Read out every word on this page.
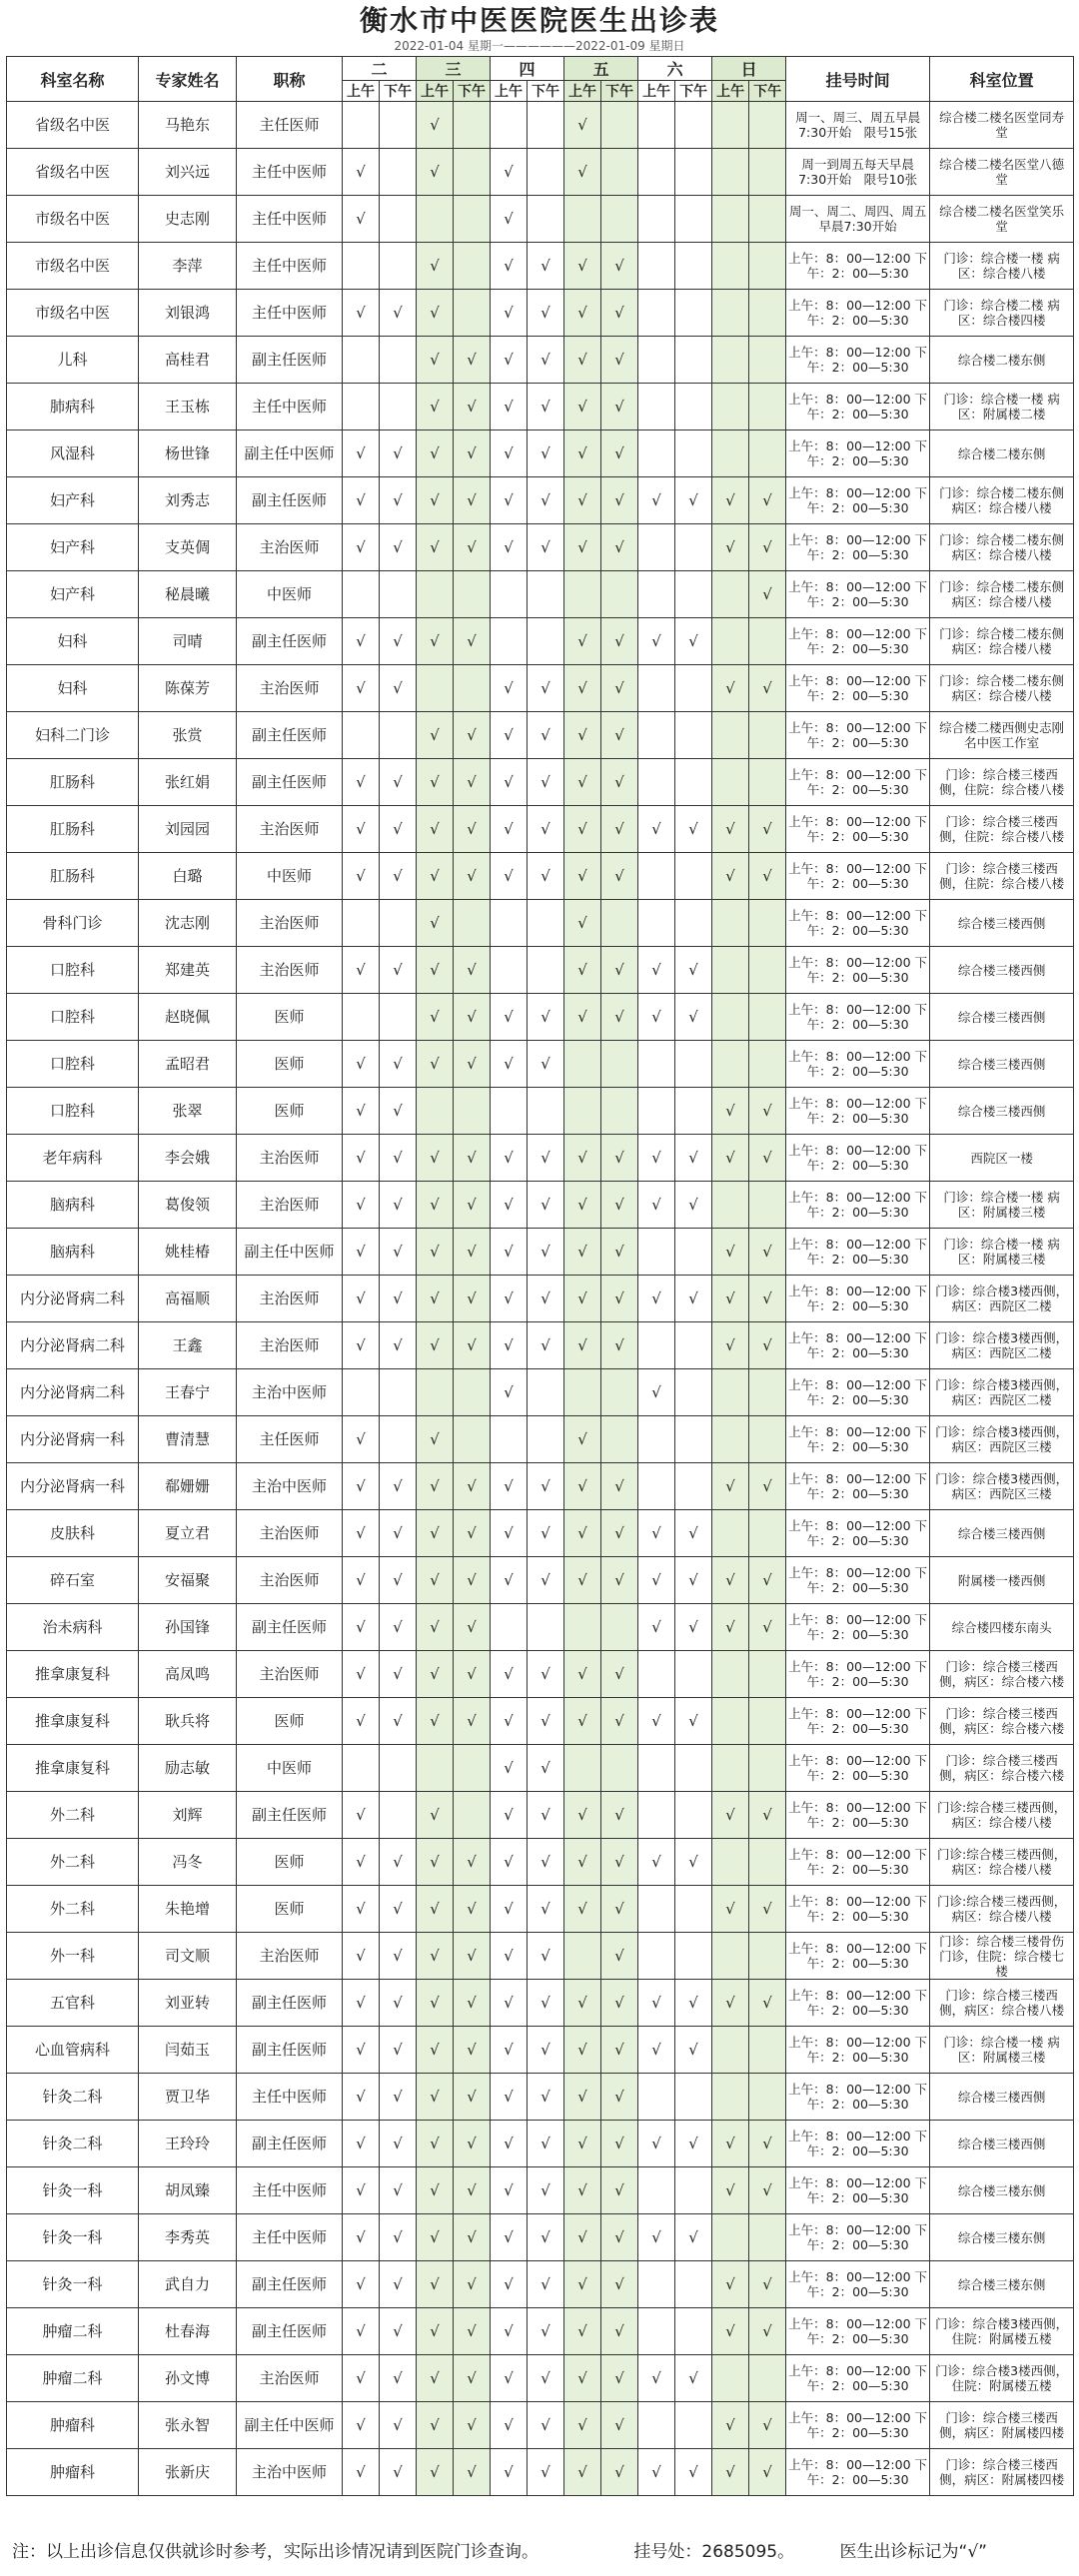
衡水市中医医院医生出诊表
2022-01-04 星期一——————2022-01-09 星期日
科室名称	专家姓名	职称	二		三		四		五		六		日		挂号时间	科室位置
			上午	下午	上午	下午	上午	下午	上午	下午	上午	下午	上午	下午		
省级名中医	马艳东	主任医师			√				√						周一、周三、周五早晨7:30开始　限号15张	综合楼二楼名医堂同寿堂
省级名中医	刘兴远	主任中医师	√		√		√		√						周一到周五每天早晨7:30开始　限号10张	综合楼二楼名医堂八德堂
市级名中医	史志刚	主任中医师	√				√								周一、周二、周四、周五 早晨7:30开始	综合楼二楼名医堂笑乐堂
市级名中医	李萍	主任中医师			√		√	√	√	√					上午：8：00—12:00 下午：2：00—5:30	门诊：综合楼一楼 病区：综合楼八楼
市级名中医	刘银鸿	主任中医师	√	√	√		√	√	√	√					上午：8：00—12:00 下午：2：00—5:30	门诊：综合楼二楼 病区：综合楼四楼
儿科	高桂君	副主任医师			√	√	√	√	√	√					上午：8：00—12:00 下午：2：00—5:30	综合楼二楼东侧
肺病科	王玉栋	主任中医师			√	√	√	√	√	√					上午：8：00—12:00 下午：2：00—5:30	门诊：综合楼一楼 病区：附属楼二楼
风湿科	杨世锋	副主任中医师	√	√	√	√	√	√	√	√					上午：8：00—12:00 下午：2：00—5:30	综合楼二楼东侧
妇产科	刘秀志	副主任医师	√	√	√	√	√	√	√	√	√	√	√	√	上午：8：00—12:00 下午：2：00—5:30	门诊：综合楼二楼东侧 病区：综合楼八楼
妇产科	支英倜	主治医师	√	√	√	√	√	√	√	√			√	√	上午：8：00—12:00 下午：2：00—5:30	门诊：综合楼二楼东侧 病区：综合楼八楼
妇产科	秘晨曦	中医师												√	上午：8：00—12:00 下午：2：00—5:30	门诊：综合楼二楼东侧 病区：综合楼八楼
妇科	司晴	副主任医师	√	√	√	√			√	√	√	√			上午：8：00—12:00 下午：2：00—5:30	门诊：综合楼二楼东侧 病区：综合楼八楼
妇科	陈葆芳	主治医师	√	√			√	√	√	√			√	√	上午：8：00—12:00 下午：2：00—5:30	门诊：综合楼二楼东侧 病区：综合楼八楼
妇科二门诊	张赏	副主任医师			√	√	√	√	√	√					上午：8：00—12:00 下午：2：00—5:30	综合楼二楼西侧史志刚名中医工作室
肛肠科	张红娟	副主任医师	√	√	√	√	√	√	√	√					上午：8：00—12:00 下午：2：00—5:30	门诊：综合楼三楼西侧，住院：综合楼八楼
肛肠科	刘园园	主治医师	√	√	√	√	√	√	√	√	√	√	√	√	上午：8：00—12:00 下午：2：00—5:30	门诊：综合楼三楼西侧，住院：综合楼八楼
肛肠科	白璐	中医师	√	√	√	√	√	√	√	√			√	√	上午：8：00—12:00 下午：2：00—5:30	门诊：综合楼三楼西侧，住院：综合楼八楼
骨科门诊	沈志刚	主治医师			√				√						上午：8：00—12:00 下午：2：00—5:30	综合楼三楼西侧
口腔科	郑建英	主治医师	√	√	√	√			√	√	√	√			上午：8：00—12:00 下午：2：00—5:30	综合楼三楼西侧
口腔科	赵晓佩	医师			√	√	√	√	√	√	√	√			上午：8：00—12:00 下午：2：00—5:30	综合楼三楼西侧
口腔科	孟昭君	医师	√	√	√	√	√	√							上午：8：00—12:00 下午：2：00—5:30	综合楼三楼西侧
口腔科	张翠	医师	√	√									√	√	上午：8：00—12:00 下午：2：00—5:30	综合楼三楼西侧
老年病科	李会娥	主治医师	√	√	√	√	√	√	√	√	√	√	√	√	上午：8：00—12:00 下午：2：00—5:30	西院区一楼
脑病科	葛俊领	主治医师	√	√	√	√	√	√	√	√	√	√			上午：8：00—12:00 下午：2：00—5:30	门诊：综合楼一楼 病区：附属楼三楼
脑病科	姚桂椿	副主任中医师	√	√	√	√	√	√	√	√			√	√	上午：8：00—12:00 下午：2：00—5:30	门诊：综合楼一楼 病区：附属楼三楼
内分泌肾病二科	高福顺	主治医师	√	√	√	√	√	√	√	√	√	√	√	√	上午：8：00—12:00 下午：2：00—5:30	门诊：综合楼3楼西侧，病区：西院区二楼
内分泌肾病二科	王鑫	主治医师	√	√	√	√	√	√	√	√			√	√	上午：8：00—12:00 下午：2：00—5:30	门诊：综合楼3楼西侧，病区：西院区二楼
内分泌肾病二科	王春宁	主治中医师					√				√				上午：8：00—12:00 下午：2：00—5:30	门诊：综合楼3楼西侧，病区：西院区二楼
内分泌肾病一科	曹清慧	主任医师	√		√				√						上午：8：00—12:00 下午：2：00—5:30	门诊：综合楼3楼西侧，病区：西院区三楼
内分泌肾病一科	郗姗姗	主治中医师	√	√	√	√	√	√	√	√			√	√	上午：8：00—12:00 下午：2：00—5:30	门诊：综合楼3楼西侧，病区：西院区三楼
皮肤科	夏立君	主治医师	√	√	√	√	√	√	√	√	√	√			上午：8：00—12:00 下午：2：00—5:30	综合楼三楼西侧
碎石室	安福聚	主治医师	√	√	√	√	√	√	√	√	√	√	√	√	上午：8：00—12:00 下午：2：00—5:30	附属楼一楼西侧
治未病科	孙国锋	副主任医师	√	√	√	√					√	√	√	√	上午：8：00—12:00 下午：2：00—5:30	综合楼四楼东南头
推拿康复科	高凤鸣	主治医师	√	√	√	√	√	√	√	√					上午：8：00—12:00 下午：2：00—5:30	门诊：综合楼三楼西侧，病区：综合楼六楼
推拿康复科	耿兵将	医师	√	√	√	√	√	√	√	√	√	√			上午：8：00—12:00 下午：2：00—5:30	门诊：综合楼三楼西侧，病区：综合楼六楼
推拿康复科	励志敏	中医师					√	√							上午：8：00—12:00 下午：2：00—5:30	门诊：综合楼三楼西侧，病区：综合楼六楼
外二科	刘辉	副主任医师	√		√		√	√	√	√			√	√	上午：8：00—12:00 下午：2：00—5:30	门诊:综合楼三楼西侧，病区：综合楼八楼
外二科	冯冬	医师	√	√	√	√	√	√	√	√	√	√			上午：8：00—12:00 下午：2：00—5:30	门诊:综合楼三楼西侧，病区：综合楼八楼
外二科	朱艳增	医师	√	√	√	√	√	√	√	√			√	√	上午：8：00—12:00 下午：2：00—5:30	门诊:综合楼三楼西侧，病区：综合楼八楼
外一科	司文顺	主治医师	√	√	√	√	√	√		√					上午：8：00—12:00 下午：2：00—5:30	门诊：综合楼三楼骨伤门诊，住院：综合楼七楼
五官科	刘亚转	副主任医师	√	√	√	√	√	√	√	√	√	√	√	√	上午：8：00—12:00 下午：2：00—5:30	门诊：综合楼三楼西侧，病区：综合楼八楼
心血管病科	闫茹玉	副主任医师	√	√	√	√	√	√	√	√	√	√			上午：8：00—12:00 下午：2：00—5:30	门诊：综合楼一楼 病区：附属楼三楼
针灸二科	贾卫华	主任中医师	√	√	√	√	√	√	√	√					上午：8：00—12:00 下午：2：00—5:30	综合楼三楼西侧
针灸二科	王玲玲	副主任医师	√	√	√	√	√	√	√	√	√	√	√	√	上午：8：00—12:00 下午：2：00—5:30	综合楼三楼西侧
针灸一科	胡凤臻	主任中医师	√	√	√	√	√	√	√	√			√	√	上午：8：00—12:00 下午：2：00—5:30	综合楼三楼东侧
针灸一科	李秀英	主任中医师	√	√	√	√	√	√	√	√	√	√			上午：8：00—12:00 下午：2：00—5:30	综合楼三楼东侧
针灸一科	武自力	副主任医师	√	√	√	√	√	√	√	√			√	√	上午：8：00—12:00 下午：2：00—5:30	综合楼三楼东侧
肿瘤二科	杜春海	副主任医师	√	√	√	√	√	√	√	√			√	√	上午：8：00—12:00 下午：2：00—5:30	门诊：综合楼3楼西侧，住院：附属楼五楼
肿瘤二科	孙文博	主治医师	√	√	√	√	√	√	√	√	√	√			上午：8：00—12:00 下午：2：00—5:30	门诊：综合楼3楼西侧，住院：附属楼五楼
肿瘤科	张永智	副主任中医师	√	√	√	√	√	√	√	√			√	√	上午：8：00—12:00 下午：2：00—5:30	门诊：综合楼三楼西侧，病区：附属楼四楼
肿瘤科	张新庆	主治中医师	√	√	√	√	√	√	√	√	√	√	√	√	上午：8：00—12:00 下午：2：00—5:30	门诊：综合楼三楼西侧，病区：附属楼四楼
注：以上出诊信息仅供就诊时参考，实际出诊情况请到医院门诊查询。	挂号处：2685095。	医生出诊标记为“√”
